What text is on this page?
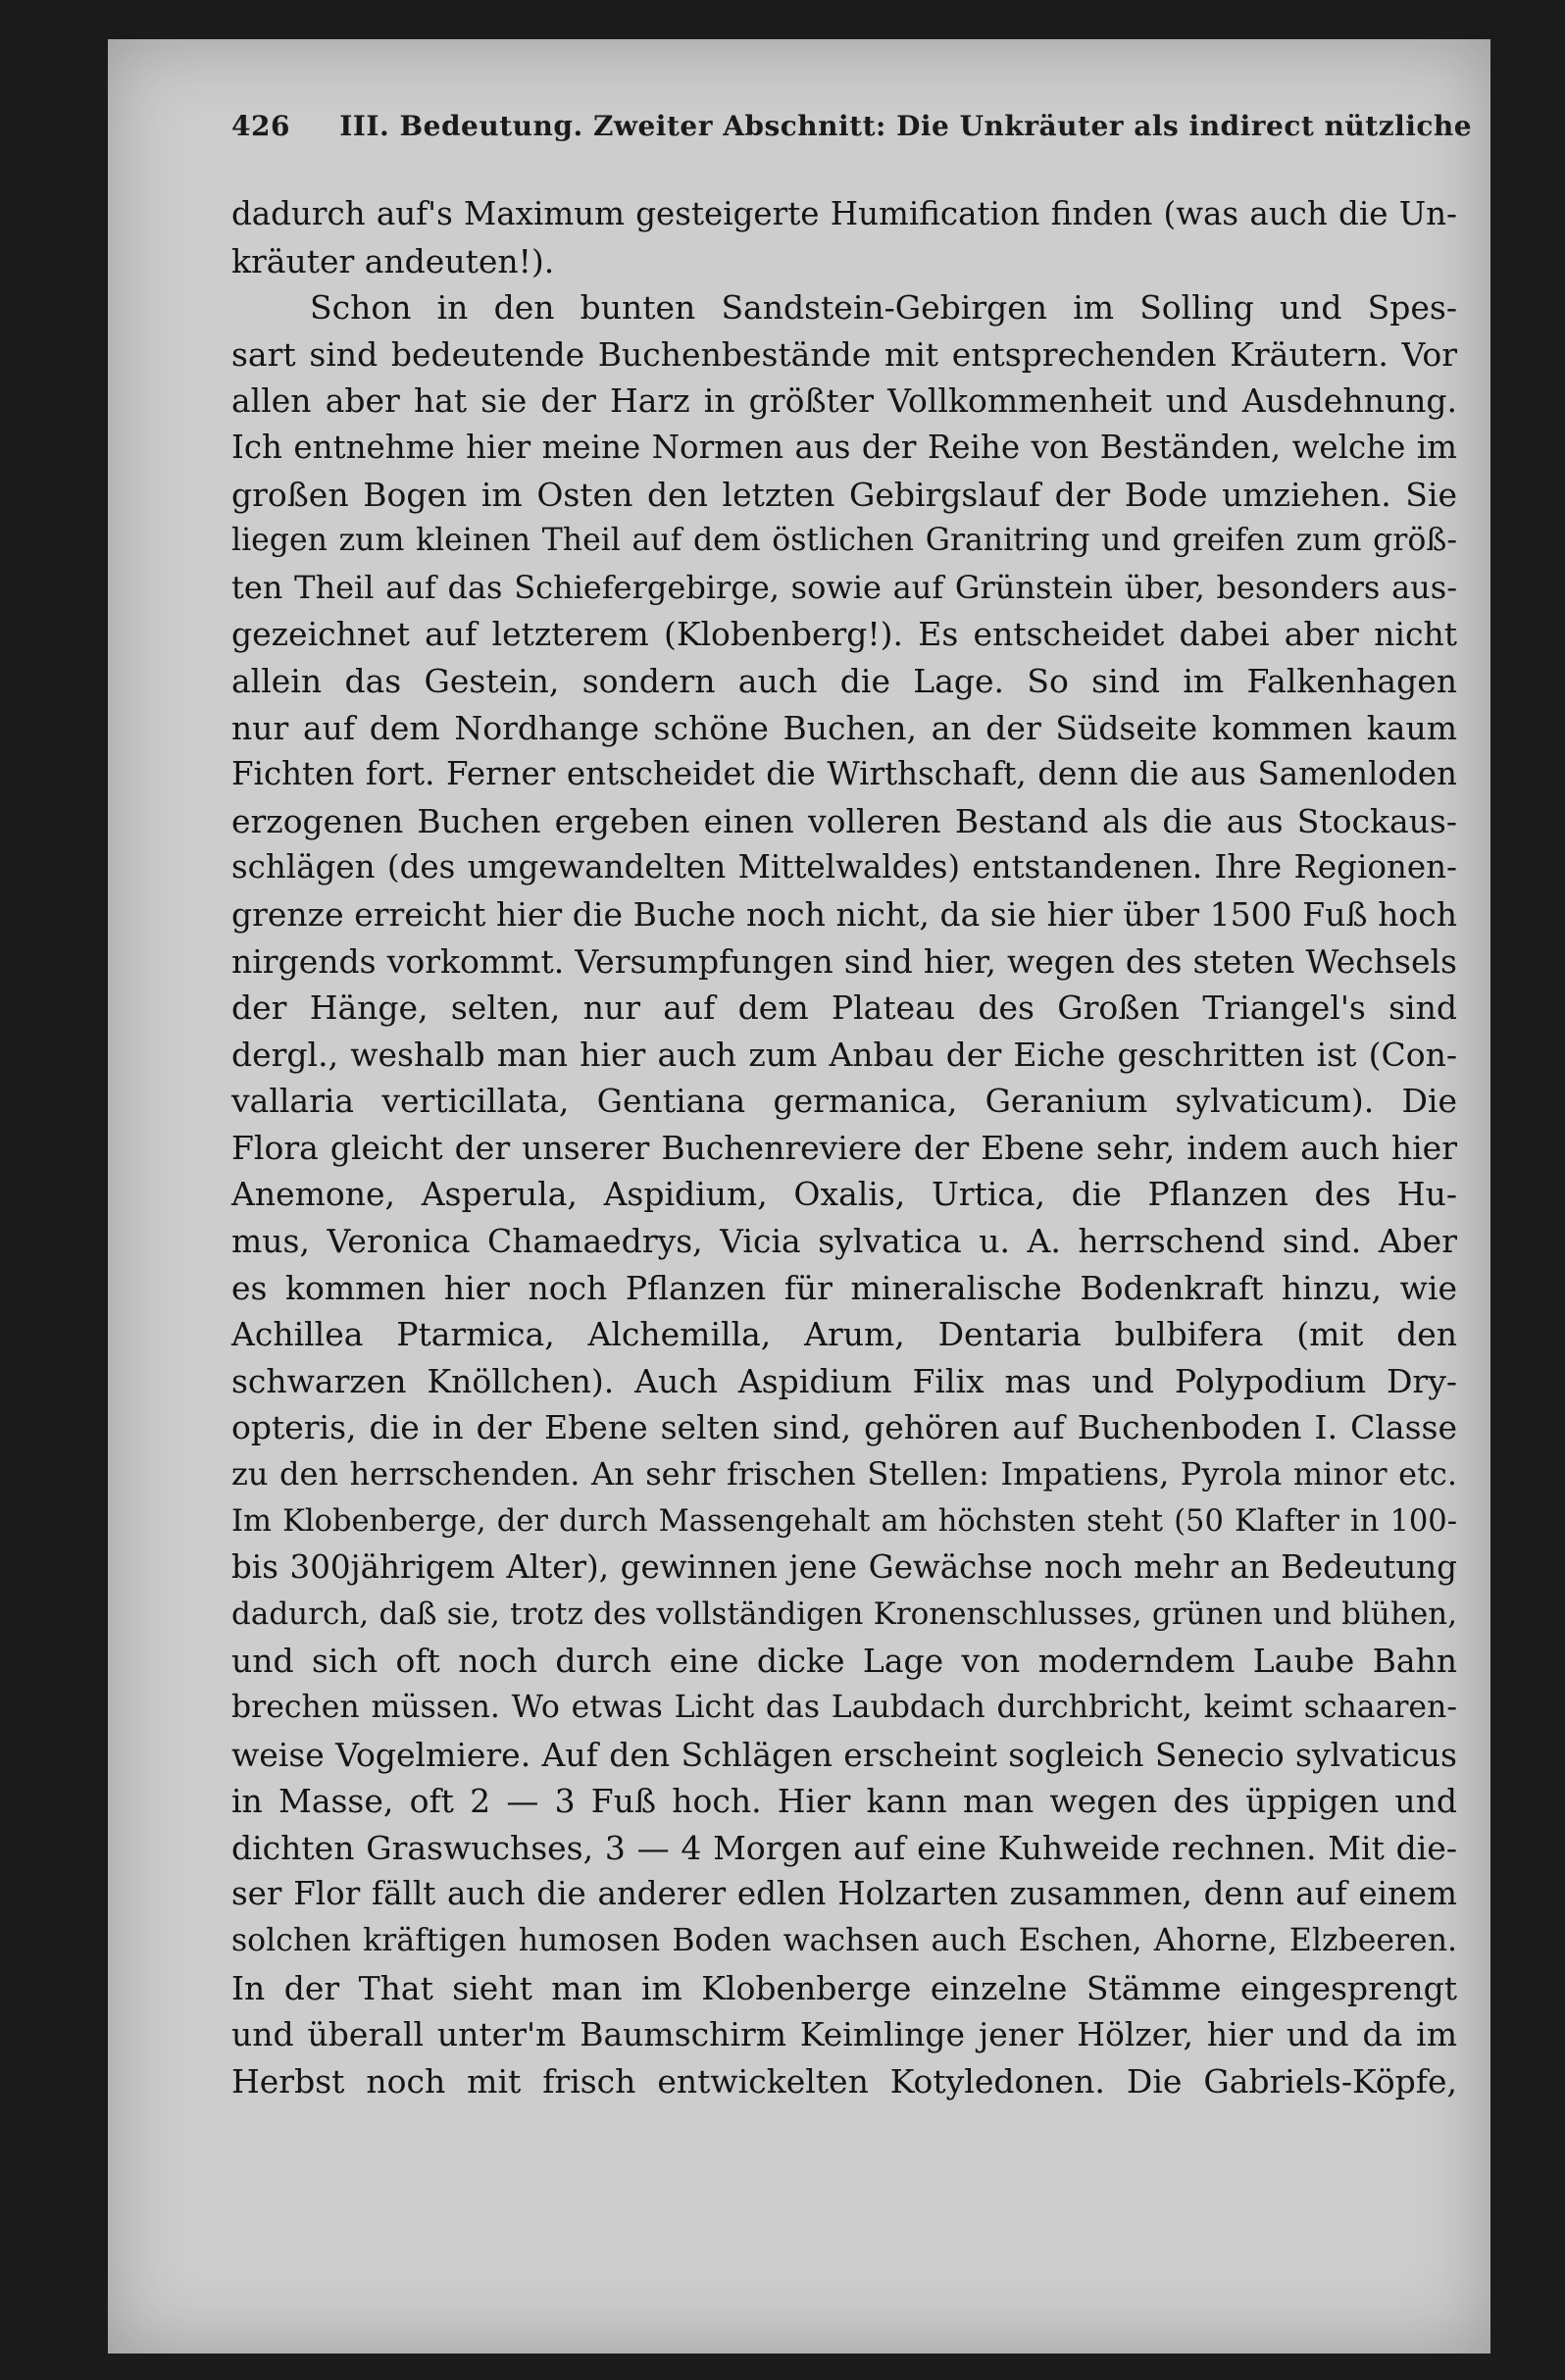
426 III. Bedeutung. Zweiter Abschnitt: Die Unkräuter als indirect nützliche
dadurch auf's Maximum gesteigerte Humification finden (was auch die Un-
kräuter andeuten!).
Schon in den bunten Sandstein-Gebirgen im Solling und Spes-
sart sind bedeutende Buchenbestände mit entsprechenden Kräutern. Vor
allen aber hat sie der Harz in größter Vollkommenheit und Ausdehnung.
Ich entnehme hier meine Normen aus der Reihe von Beständen, welche im
großen Bogen im Osten den letzten Gebirgslauf der Bode umziehen. Sie
liegen zum kleinen Theil auf dem östlichen Granitring und greifen zum größ-
ten Theil auf das Schiefergebirge, sowie auf Grünstein über, besonders aus-
gezeichnet auf letzterem (Klobenberg!). Es entscheidet dabei aber nicht
allein das Gestein, sondern auch die Lage. So sind im Falkenhagen
nur auf dem Nordhange schöne Buchen, an der Südseite kommen kaum
Fichten fort. Ferner entscheidet die Wirthschaft, denn die aus Samenloden
erzogenen Buchen ergeben einen volleren Bestand als die aus Stockaus-
schlägen (des umgewandelten Mittelwaldes) entstandenen. Ihre Regionen-
grenze erreicht hier die Buche noch nicht, da sie hier über 1500 Fuß hoch
nirgends vorkommt. Versumpfungen sind hier, wegen des steten Wechsels
der Hänge, selten, nur auf dem Plateau des Großen Triangel's sind
dergl., weshalb man hier auch zum Anbau der Eiche geschritten ist (Con-
vallaria verticillata, Gentiana germanica, Geranium sylvaticum). Die
Flora gleicht der unserer Buchenreviere der Ebene sehr, indem auch hier
Anemone, Asperula, Aspidium, Oxalis, Urtica, die Pflanzen des Hu-
mus, Veronica Chamaedrys, Vicia sylvatica u. A. herrschend sind. Aber
es kommen hier noch Pflanzen für mineralische Bodenkraft hinzu, wie
Achillea Ptarmica, Alchemilla, Arum, Dentaria bulbifera (mit den
schwarzen Knöllchen). Auch Aspidium Filix mas und Polypodium Dry-
opteris, die in der Ebene selten sind, gehören auf Buchenboden I. Classe
zu den herrschenden. An sehr frischen Stellen: Impatiens, Pyrola minor etc.
Im Klobenberge, der durch Massengehalt am höchsten steht (50 Klafter in 100-
bis 300jährigem Alter), gewinnen jene Gewächse noch mehr an Bedeutung
dadurch, daß sie, trotz des vollständigen Kronenschlusses, grünen und blühen,
und sich oft noch durch eine dicke Lage von moderndem Laube Bahn
brechen müssen. Wo etwas Licht das Laubdach durchbricht, keimt schaaren-
weise Vogelmiere. Auf den Schlägen erscheint sogleich Senecio sylvaticus
in Masse, oft 2 — 3 Fuß hoch. Hier kann man wegen des üppigen und
dichten Graswuchses, 3 — 4 Morgen auf eine Kuhweide rechnen. Mit die-
ser Flor fällt auch die anderer edlen Holzarten zusammen, denn auf einem
solchen kräftigen humosen Boden wachsen auch Eschen, Ahorne, Elzbeeren.
In der That sieht man im Klobenberge einzelne Stämme eingesprengt
und überall unter'm Baumschirm Keimlinge jener Hölzer, hier und da im
Herbst noch mit frisch entwickelten Kotyledonen. Die Gabriels-Köpfe,
